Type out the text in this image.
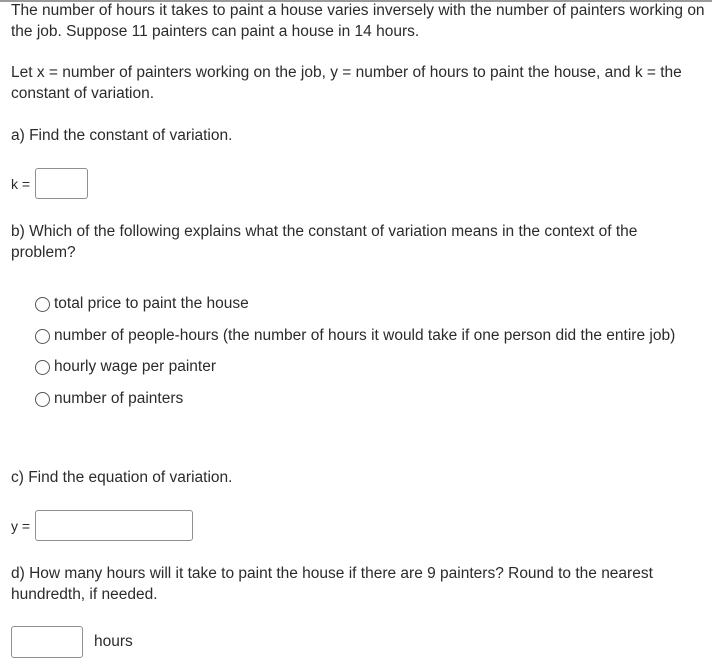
The number of hours it takes to paint a house varies inversely with the number of painters working on the job. Suppose 11 painters can paint a house in 14 hours.

Let x = number of painters working on the job, y = number of hours to paint the house, and k = the constant of variation.

a) Find the constant of variation.

k =

b) Which of the following explains what the constant of variation means in the context of the problem?

total price to paint the house
number of people-hours (the number of hours it would take if one person did the entire job)
hourly wage per painter
number of painters

c) Find the equation of variation.

y =

d) How many hours will it take to paint the house if there are 9 painters? Round to the nearest hundredth, if needed.

hours
